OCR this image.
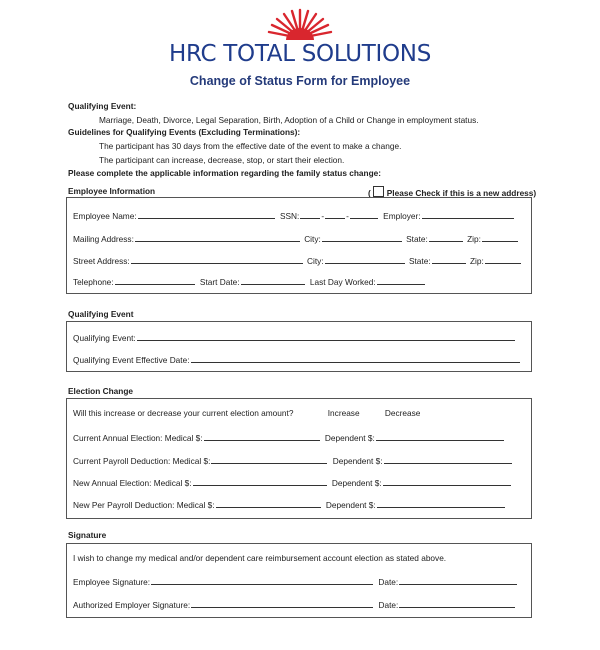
HRC TOTAL SOLUTIONS
Change of Status Form for Employee
Qualifying Event:
Marriage, Death, Divorce, Legal Separation, Birth, Adoption of a Child or Change in employment status.
Guidelines for Qualifying Events (Excluding Terminations):
The participant has 30 days from the effective date of the event to make a change.
The participant can increase, decrease, stop, or start their election.
Please complete the applicable information regarding the family status change:
Employee Information	( Please Check if this is a new address)
Employee Name:	SSN:	-	-	Employer:
Mailing Address:	City:	State:	Zip:
Street Address:	City:	State:	Zip:
Telephone:	Start Date:	Last Day Worked:
Qualifying Event
Qualifying Event:
Qualifying Event Effective Date:
Election Change
Will this increase or decrease your current election amount?	Increase	Decrease
Current Annual Election: Medical $:	Dependent $:
Current Payroll Deduction: Medical $:	Dependent $:
New Annual Election: Medical $:	Dependent $:
New Per Payroll Deduction: Medical $:	Dependent $:
Signature
I wish to change my medical and/or dependent care reimbursement account election as stated above.
Employee Signature:	Date:
Authorized Employer Signature:	Date:
